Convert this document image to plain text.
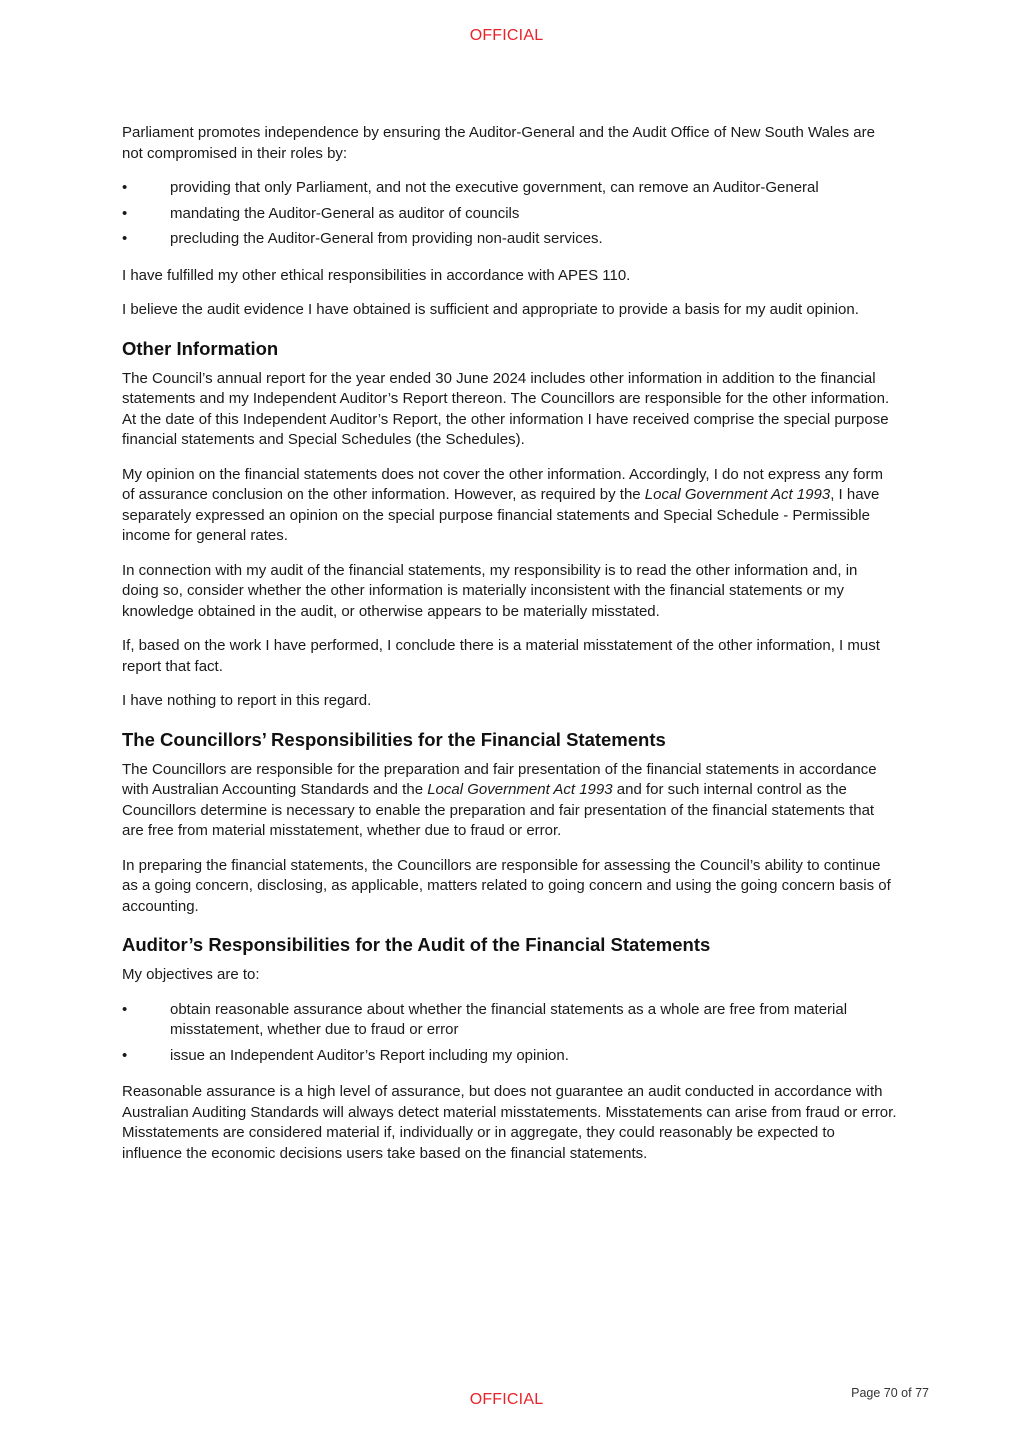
OFFICIAL

Parliament promotes independence by ensuring the Auditor-General and the Audit Office of New South Wales are not compromised in their roles by:

•	providing that only Parliament, and not the executive government, can remove an Auditor-General
•	mandating the Auditor-General as auditor of councils
•	precluding the Auditor-General from providing non-audit services.

I have fulfilled my other ethical responsibilities in accordance with APES 110.

I believe the audit evidence I have obtained is sufficient and appropriate to provide a basis for my audit opinion.

Other Information

The Council’s annual report for the year ended 30 June 2024 includes other information in addition to the financial statements and my Independent Auditor’s Report thereon. The Councillors are responsible for the other information. At the date of this Independent Auditor’s Report, the other information I have received comprise the special purpose financial statements and Special Schedules (the Schedules).

My opinion on the financial statements does not cover the other information. Accordingly, I do not express any form of assurance conclusion on the other information. However, as required by the Local Government Act 1993, I have separately expressed an opinion on the special purpose financial statements and Special Schedule - Permissible income for general rates.

In connection with my audit of the financial statements, my responsibility is to read the other information and, in doing so, consider whether the other information is materially inconsistent with the financial statements or my knowledge obtained in the audit, or otherwise appears to be materially misstated.

If, based on the work I have performed, I conclude there is a material misstatement of the other information, I must report that fact.

I have nothing to report in this regard.

The Councillors’ Responsibilities for the Financial Statements

The Councillors are responsible for the preparation and fair presentation of the financial statements in accordance with Australian Accounting Standards and the Local Government Act 1993 and for such internal control as the Councillors determine is necessary to enable the preparation and fair presentation of the financial statements that are free from material misstatement, whether due to fraud or error.

In preparing the financial statements, the Councillors are responsible for assessing the Council’s ability to continue as a going concern, disclosing, as applicable, matters related to going concern and using the going concern basis of accounting.

Auditor’s Responsibilities for the Audit of the Financial Statements

My objectives are to:

•	obtain reasonable assurance about whether the financial statements as a whole are free from material misstatement, whether due to fraud or error
•	issue an Independent Auditor’s Report including my opinion.

Reasonable assurance is a high level of assurance, but does not guarantee an audit conducted in accordance with Australian Auditing Standards will always detect material misstatements. Misstatements can arise from fraud or error. Misstatements are considered material if, individually or in aggregate, they could reasonably be expected to influence the economic decisions users take based on the financial statements.

OFFICIAL	Page 70 of 77
